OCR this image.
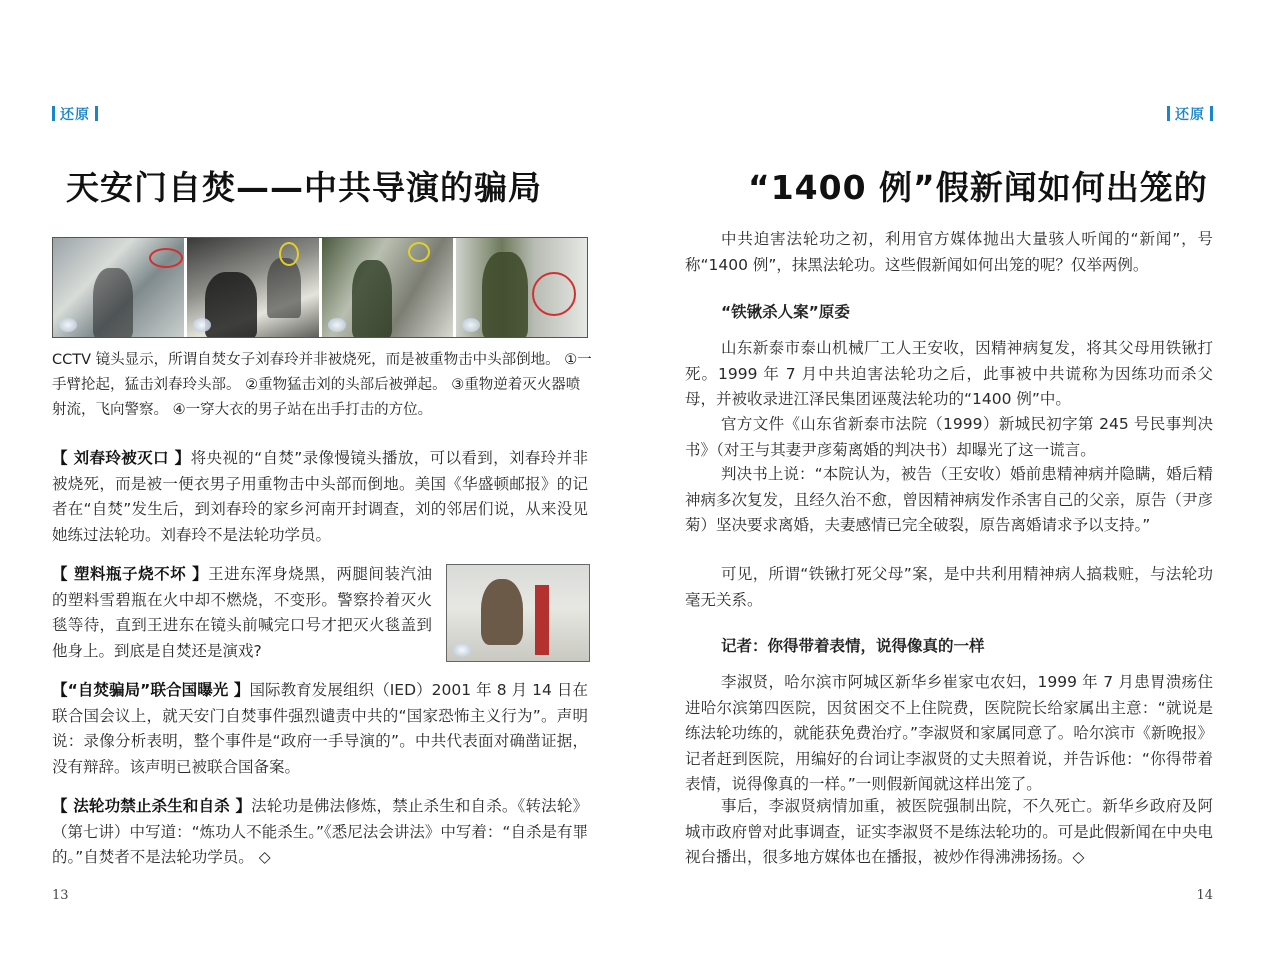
还原
天安门自焚——中共导演的骗局

CCTV 镜头显示，所谓自焚女子刘春玲并非被烧死，而是被重物击中头部倒地。 ①一手臂抡起，猛击刘春玲头部。 ②重物猛击刘的头部后被弹起。 ③重物逆着灭火器喷射流，飞向警察。 ④一穿大衣的男子站在出手打击的方位。

【 刘春玲被灭口 】将央视的“自焚”录像慢镜头播放，可以看到，刘春玲并非被烧死，而是被一便衣男子用重物击中头部而倒地。美国《华盛顿邮报》的记者在“自焚”发生后，到刘春玲的家乡河南开封调查，刘的邻居们说，从来没见她练过法轮功。刘春玲不是法轮功学员。

【 塑料瓶子烧不坏 】王进东浑身烧黑，两腿间装汽油的塑料雪碧瓶在火中却不燃烧，不变形。警察拎着灭火毯等待，直到王进东在镜头前喊完口号才把灭火毯盖到他身上。到底是自焚还是演戏?

【“自焚骗局”联合国曝光 】国际教育发展组织（IED）2001 年 8 月 14 日在联合国会议上，就天安门自焚事件强烈谴责中共的“国家恐怖主义行为”。声明说：录像分析表明，整个事件是“政府一手导演的”。中共代表面对确凿证据，没有辩辞。该声明已被联合国备案。

【 法轮功禁止杀生和自杀 】法轮功是佛法修炼，禁止杀生和自杀。《转法轮》（第七讲）中写道：“炼功人不能杀生。”《悉尼法会讲法》中写着：“自杀是有罪的。”自焚者不是法轮功学员。 ◇

13
还原
“1400 例”假新闻如何出笼的

中共迫害法轮功之初，利用官方媒体抛出大量骇人听闻的“新闻”，号称“1400 例”，抹黑法轮功。这些假新闻如何出笼的呢？仅举两例。

“铁锹杀人案”原委

山东新泰市泰山机械厂工人王安收，因精神病复发，将其父母用铁锹打死。1999 年 7 月中共迫害法轮功之后，此事被中共谎称为因练功而杀父母，并被收录进江泽民集团诬蔑法轮功的“1400 例”中。

官方文件《山东省新泰市法院（1999）新城民初字第 245 号民事判决书》（对王与其妻尹彦菊离婚的判决书）却曝光了这一谎言。

判决书上说：“本院认为，被告（王安收）婚前患精神病并隐瞒，婚后精神病多次复发，且经久治不愈，曾因精神病发作杀害自己的父亲，原告（尹彦菊）坚决要求离婚，夫妻感情已完全破裂，原告离婚请求予以支持。”

可见，所谓“铁锹打死父母”案，是中共利用精神病人搞栽赃，与法轮功毫无关系。

记者：你得带着表情，说得像真的一样

李淑贤，哈尔滨市阿城区新华乡崔家屯农妇，1999 年 7 月患胃溃疡住进哈尔滨第四医院，因贫困交不上住院费，医院院长给家属出主意：“就说是练法轮功练的，就能获免费治疗。”李淑贤和家属同意了。哈尔滨市《新晚报》记者赶到医院，用编好的台词让李淑贤的丈夫照着说，并告诉他：“你得带着表情，说得像真的一样。”一则假新闻就这样出笼了。

事后，李淑贤病情加重，被医院强制出院，不久死亡。新华乡政府及阿城市政府曾对此事调查，证实李淑贤不是练法轮功的。可是此假新闻在中央电视台播出，很多地方媒体也在播报，被炒作得沸沸扬扬。◇

14
